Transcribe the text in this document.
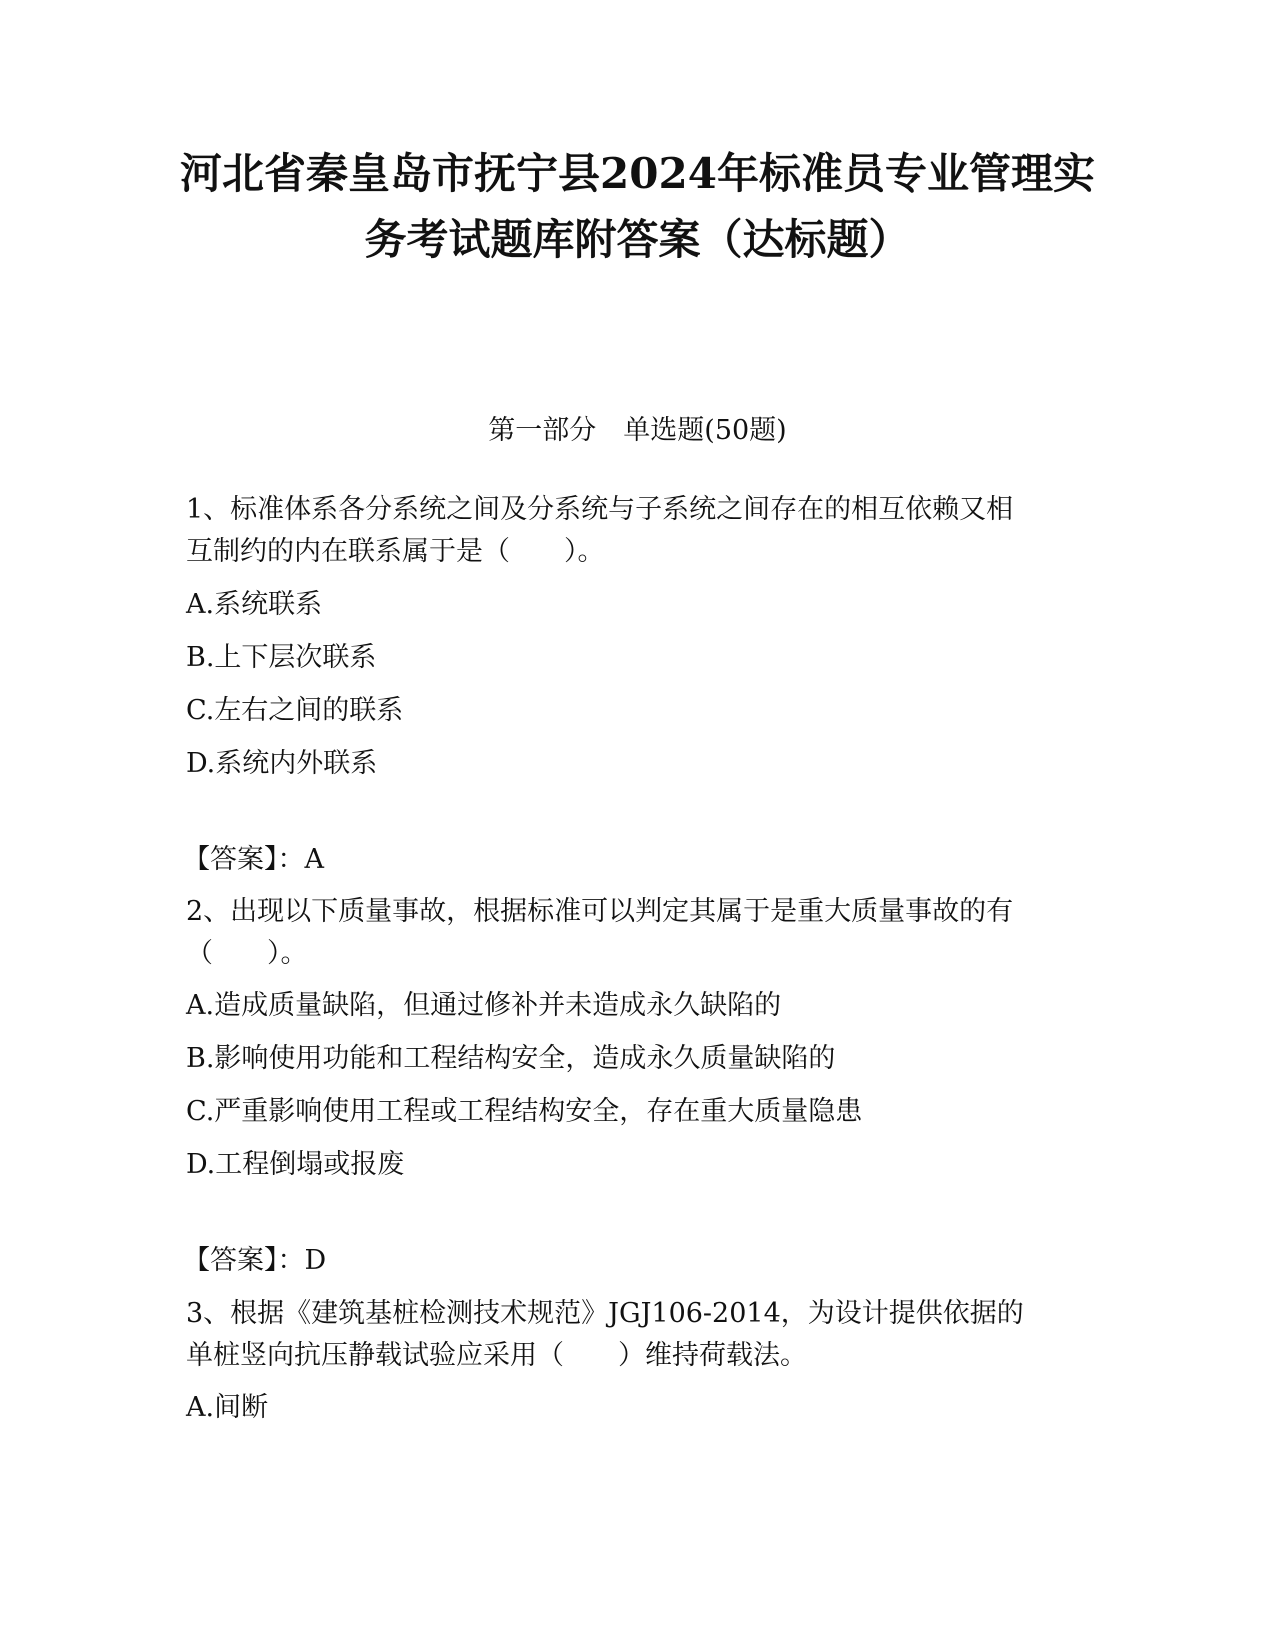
河北省秦皇岛市抚宁县2024年标准员专业管理实
务考试题库附答案（达标题）
第一部分　单选题(50题)
1、标准体系各分系统之间及分系统与子系统之间存在的相互依赖又相
互制约的内在联系属于是（　　）。
A.系统联系
B.上下层次联系
C.左右之间的联系
D.系统内外联系
【答案】：A
2、出现以下质量事故，根据标准可以判定其属于是重大质量事故的有
（　　）。
A.造成质量缺陷，但通过修补并未造成永久缺陷的
B.影响使用功能和工程结构安全，造成永久质量缺陷的
C.严重影响使用工程或工程结构安全，存在重大质量隐患
D.工程倒塌或报废
【答案】：D
3、根据《建筑基桩检测技术规范》JGJ106-2014，为设计提供依据的
单桩竖向抗压静载试验应采用（　　）维持荷载法。
A.间断
